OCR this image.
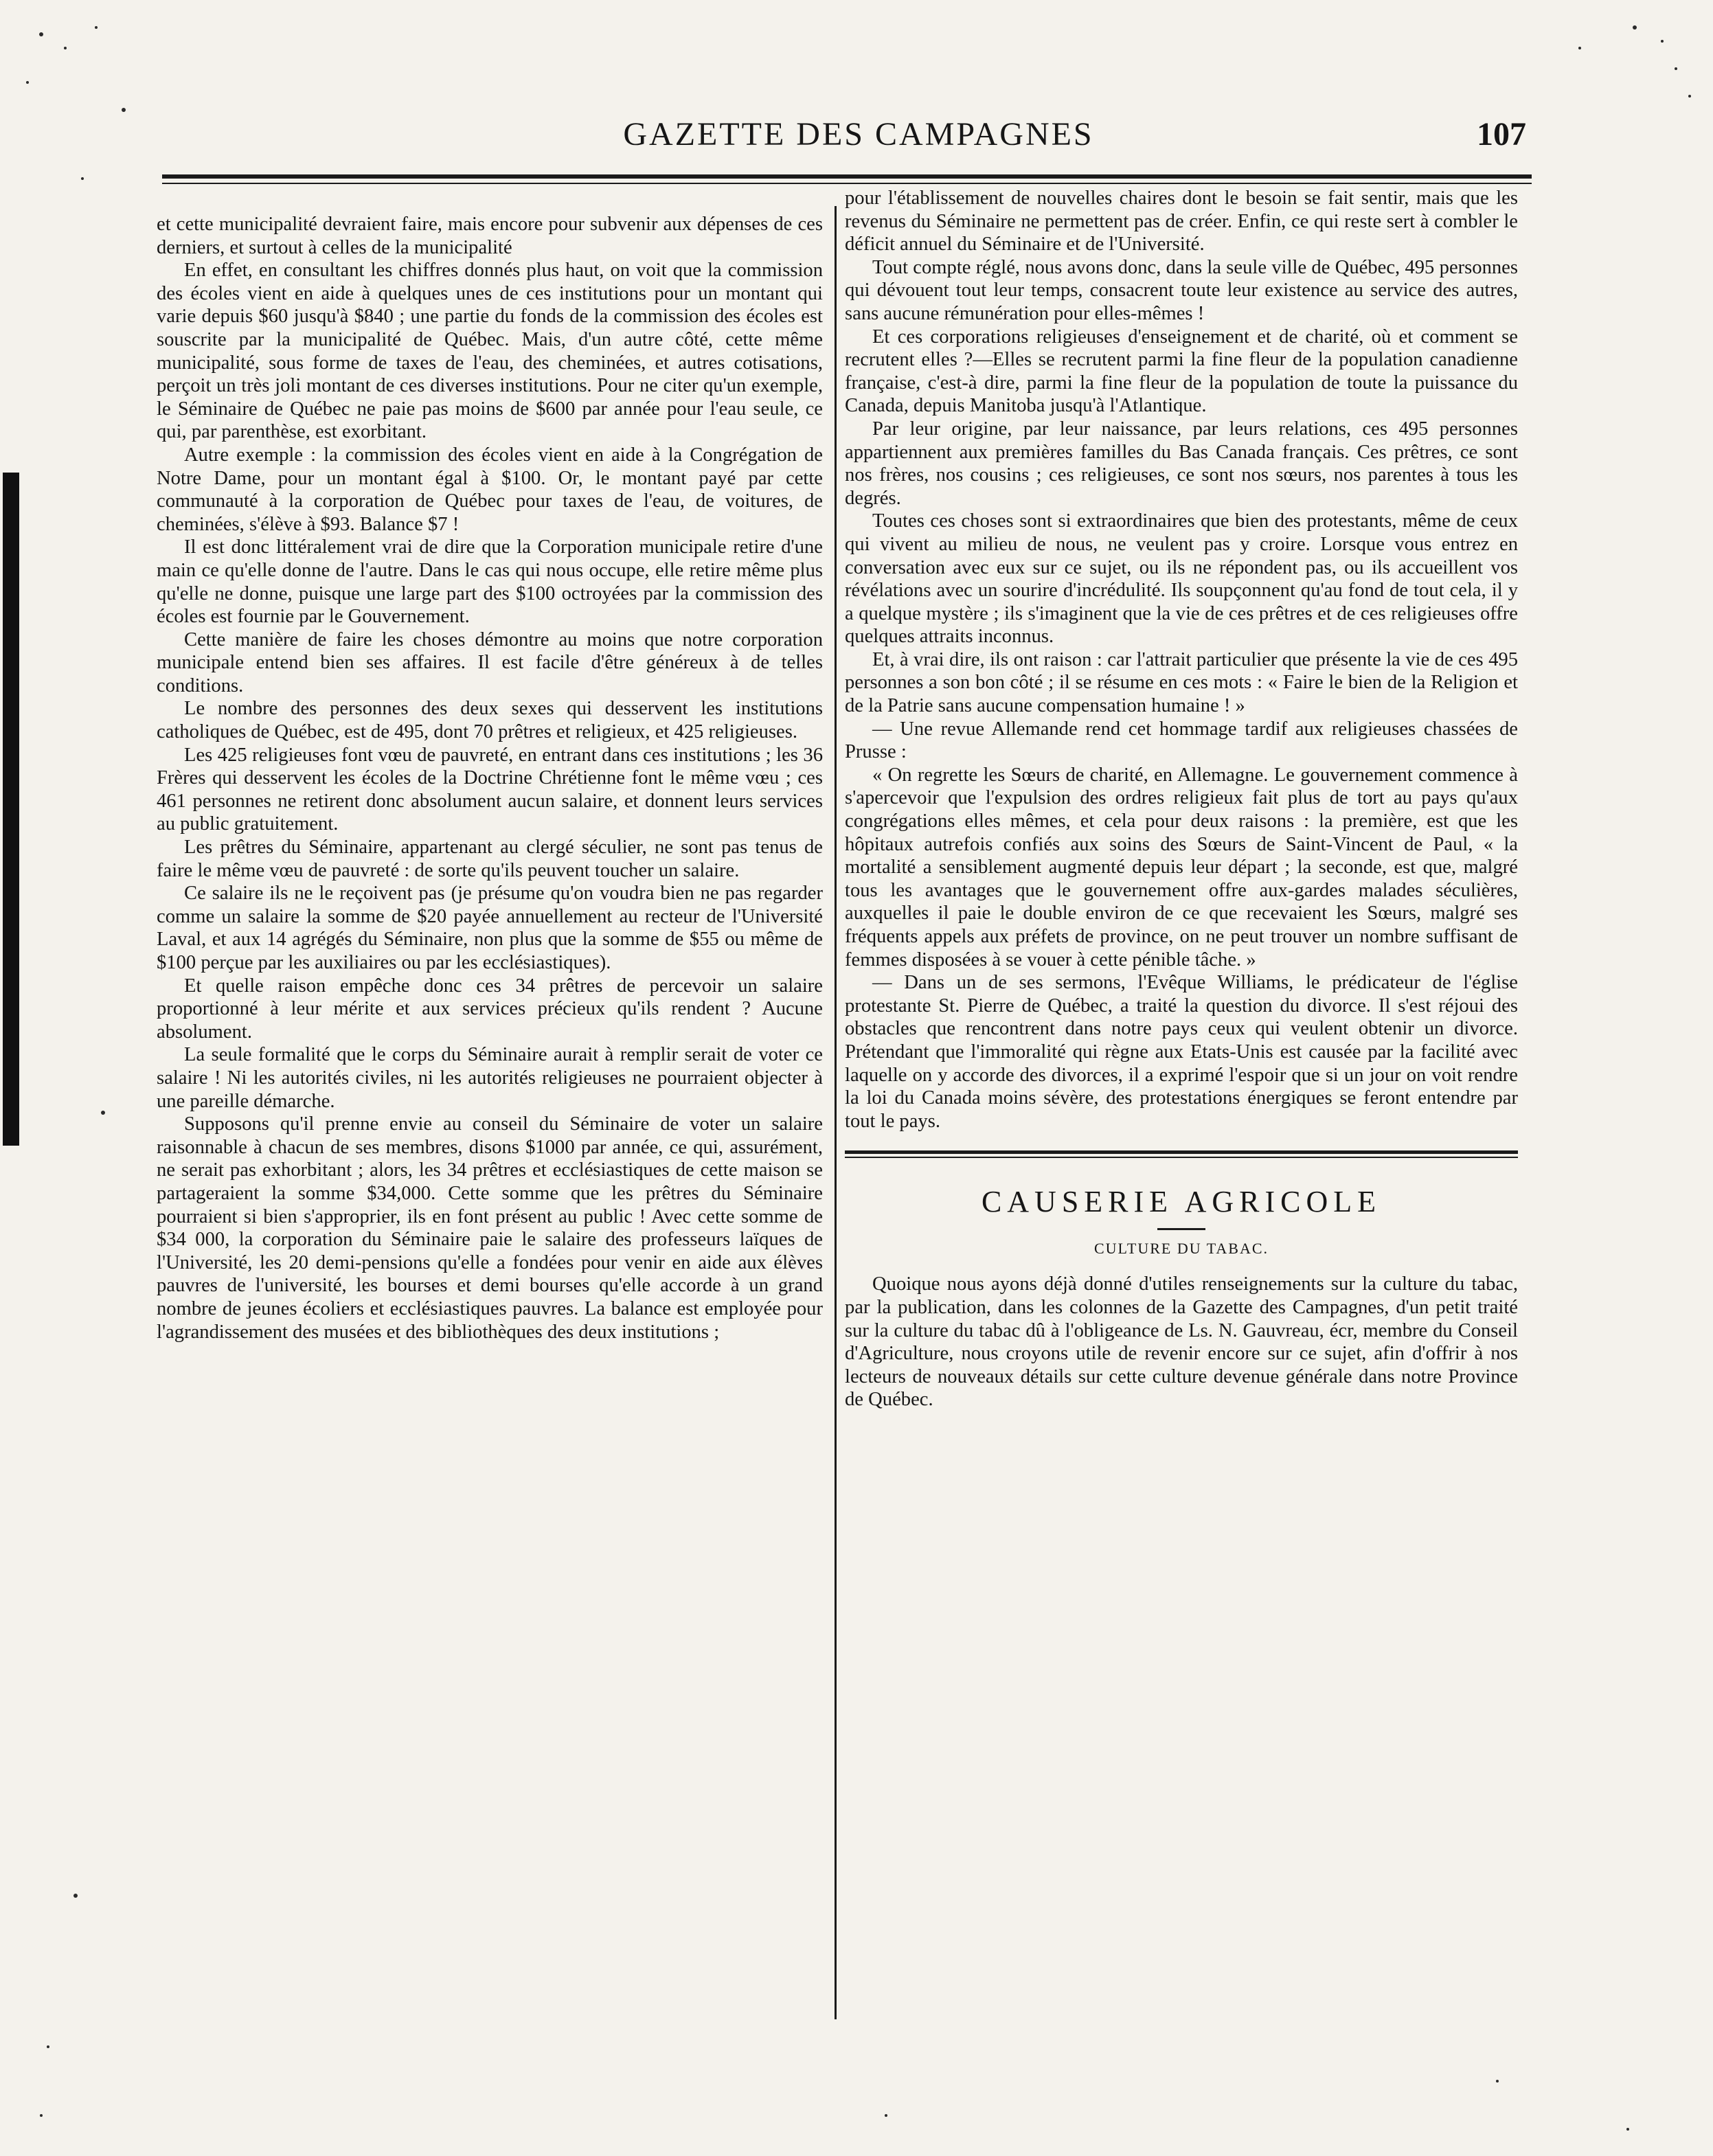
GAZETTE DES CAMPAGNES	107

et cette municipalité devraient faire, mais encore pour subvenir aux dépenses de ces derniers, et surtout à celles de la municipalité

En effet, en consultant les chiffres donnés plus haut, on voit que la commission des écoles vient en aide à quelques unes de ces institutions pour un montant qui varie depuis $60 jusqu'à $840 ; une partie du fonds de la commission des écoles est souscrite par la municipalité de Québec. Mais, d'un autre côté, cette même municipalité, sous forme de taxes de l'eau, des cheminées, et autres cotisations, perçoit un très joli montant de ces diverses institutions. Pour ne citer qu'un exemple, le Séminaire de Québec ne paie pas moins de $600 par année pour l'eau seule, ce qui, par parenthèse, est exorbitant.

Autre exemple : la commission des écoles vient en aide à la Congrégation de Notre Dame, pour un montant égal à $100. Or, le montant payé par cette communauté à la corporation de Québec pour taxes de l'eau, de voitures, de cheminées, s'élève à $93. Balance $7 !

Il est donc littéralement vrai de dire que la Corporation municipale retire d'une main ce qu'elle donne de l'autre. Dans le cas qui nous occupe, elle retire même plus qu'elle ne donne, puisque une large part des $100 octroyées par la commission des écoles est fournie par le Gouvernement.

Cette manière de faire les choses démontre au moins que notre corporation municipale entend bien ses affaires. Il est facile d'être généreux à de telles conditions.

Le nombre des personnes des deux sexes qui desservent les institutions catholiques de Québec, est de 495, dont 70 prêtres et religieux, et 425 religieuses.

Les 425 religieuses font vœu de pauvreté, en entrant dans ces institutions ; les 36 Frères qui desservent les écoles de la Doctrine Chrétienne font le même vœu ; ces 461 personnes ne retirent donc absolument aucun salaire, et donnent leurs services au public gratuitement.

Les prêtres du Séminaire, appartenant au clergé séculier, ne sont pas tenus de faire le même vœu de pauvreté : de sorte qu'ils peuvent toucher un salaire.

Ce salaire ils ne le reçoivent pas (je présume qu'on voudra bien ne pas regarder comme un salaire la somme de $20 payée annuellement au recteur de l'Université Laval, et aux 14 agrégés du Séminaire, non plus que la somme de $55 ou même de $100 perçue par les auxiliaires ou par les ecclésiastiques).

Et quelle raison empêche donc ces 34 prêtres de percevoir un salaire proportionné à leur mérite et aux services précieux qu'ils rendent ? Aucune absolument.

La seule formalité que le corps du Séminaire aurait à remplir serait de voter ce salaire ! Ni les autorités civiles, ni les autorités religieuses ne pourraient objecter à une pareille démarche.

Supposons qu'il prenne envie au conseil du Séminaire de voter un salaire raisonnable à chacun de ses membres, disons $1000 par année, ce qui, assurément, ne serait pas exhorbitant ; alors, les 34 prêtres et ecclésiastiques de cette maison se partageraient la somme $34,000. Cette somme que les prêtres du Séminaire pourraient si bien s'approprier, ils en font présent au public ! Avec cette somme de $34 000, la corporation du Séminaire paie le salaire des professeurs laïques de l'Université, les 20 demi-pensions qu'elle a fondées pour venir en aide aux élèves pauvres de l'université, les bourses et demi bourses qu'elle accorde à un grand nombre de jeunes écoliers et ecclésiastiques pauvres. La balance est employée pour l'agrandissement des musées et des bibliothèques des deux institutions ;

pour l'établissement de nouvelles chaires dont le besoin se fait sentir, mais que les revenus du Séminaire ne permettent pas de créer. Enfin, ce qui reste sert à combler le déficit annuel du Séminaire et de l'Université.

Tout compte réglé, nous avons donc, dans la seule ville de Québec, 495 personnes qui dévouent tout leur temps, consacrent toute leur existence au service des autres, sans aucune rémunération pour elles-mêmes !

Et ces corporations religieuses d'enseignement et de charité, où et comment se recrutent elles ?—Elles se recrutent parmi la fine fleur de la population canadienne française, c'est-à dire, parmi la fine fleur de la population de toute la puissance du Canada, depuis Manitoba jusqu'à l'Atlantique.

Par leur origine, par leur naissance, par leurs relations, ces 495 personnes appartiennent aux premières familles du Bas Canada français. Ces prêtres, ce sont nos frères, nos cousins ; ces religieuses, ce sont nos sœurs, nos parentes à tous les degrés.

Toutes ces choses sont si extraordinaires que bien des protestants, même de ceux qui vivent au milieu de nous, ne veulent pas y croire. Lorsque vous entrez en conversation avec eux sur ce sujet, ou ils ne répondent pas, ou ils accueillent vos révélations avec un sourire d'incrédulité. Ils soupçonnent qu'au fond de tout cela, il y a quelque mystère ; ils s'imaginent que la vie de ces prêtres et de ces religieuses offre quelques attraits inconnus.

Et, à vrai dire, ils ont raison : car l'attrait particulier que présente la vie de ces 495 personnes a son bon côté ; il se résume en ces mots : « Faire le bien de la Religion et de la Patrie sans aucune compensation humaine ! »

— Une revue Allemande rend cet hommage tardif aux religieuses chassées de Prusse :

« On regrette les Sœurs de charité, en Allemagne. Le gouvernement commence à s'apercevoir que l'expulsion des ordres religieux fait plus de tort au pays qu'aux congrégations elles mêmes, et cela pour deux raisons : la première, est que les hôpitaux autrefois confiés aux soins des Sœurs de Saint-Vincent de Paul, « la mortalité a sensiblement augmenté depuis leur départ ; la seconde, est que, malgré tous les avantages que le gouvernement offre aux-gardes malades séculières, auxquelles il paie le double environ de ce que recevaient les Sœurs, malgré ses fréquents appels aux préfets de province, on ne peut trouver un nombre suffisant de femmes disposées à se vouer à cette pénible tâche. »

— Dans un de ses sermons, l'Evêque Williams, le prédicateur de l'église protestante St. Pierre de Québec, a traité la question du divorce. Il s'est réjoui des obstacles que rencontrent dans notre pays ceux qui veulent obtenir un divorce. Prétendant que l'immoralité qui règne aux Etats-Unis est causée par la facilité avec laquelle on y accorde des divorces, il a exprimé l'espoir que si un jour on voit rendre la loi du Canada moins sévère, des protestations énergiques se feront entendre par tout le pays.

CAUSERIE AGRICOLE
CULTURE DU TABAC.

Quoique nous ayons déjà donné d'utiles renseignements sur la culture du tabac, par la publication, dans les colonnes de la Gazette des Campagnes, d'un petit traité sur la culture du tabac dû à l'obligeance de Ls. N. Gauvreau, écr, membre du Conseil d'Agriculture, nous croyons utile de revenir encore sur ce sujet, afin d'offrir à nos lecteurs de nouveaux détails sur cette culture devenue générale dans notre Province de Québec.
